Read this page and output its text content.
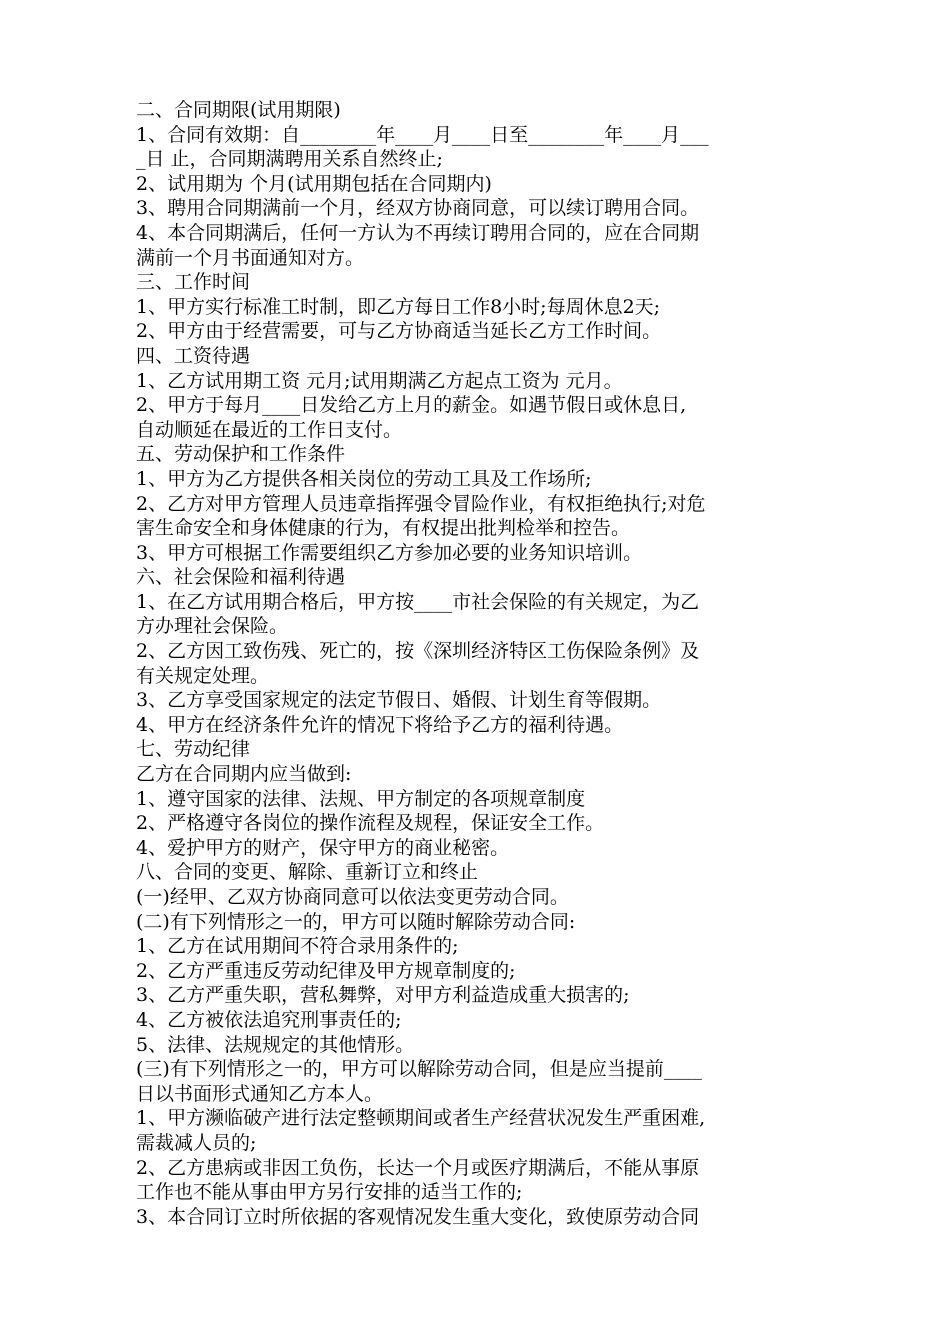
二、合同期限(试用期限)
1、合同有效期：自________年____月____日至________年____月___
_日 止，合同期满聘用关系自然终止;
2、试用期为 个月(试用期包括在合同期内)
3、聘用合同期满前一个月，经双方协商同意，可以续订聘用合同。
4、本合同期满后，任何一方认为不再续订聘用合同的，应在合同期
满前一个月书面通知对方。
三、工作时间
1、甲方实行标准工时制，即乙方每日工作8小时;每周休息2天;
2、甲方由于经营需要，可与乙方协商适当延长乙方工作时间。
四、工资待遇
1、乙方试用期工资 元月;试用期满乙方起点工资为 元月。
2、甲方于每月____日发给乙方上月的薪金。如遇节假日或休息日,
自动顺延在最近的工作日支付。
五、劳动保护和工作条件
1、甲方为乙方提供各相关岗位的劳动工具及工作场所;
2、乙方对甲方管理人员违章指挥强令冒险作业，有权拒绝执行;对危
害生命安全和身体健康的行为，有权提出批判检举和控告。
3、甲方可根据工作需要组织乙方参加必要的业务知识培训。
六、社会保险和福利待遇
1、在乙方试用期合格后，甲方按____市社会保险的有关规定，为乙
方办理社会保险。
2、乙方因工致伤残、死亡的，按《深圳经济特区工伤保险条例》及
有关规定处理。
3、乙方享受国家规定的法定节假日、婚假、计划生育等假期。
4、甲方在经济条件允许的情况下将给予乙方的福利待遇。
七、劳动纪律
乙方在合同期内应当做到:
1、遵守国家的法律、法规、甲方制定的各项规章制度
2、严格遵守各岗位的操作流程及规程，保证安全工作。
4、爱护甲方的财产，保守甲方的商业秘密。
八、合同的变更、解除、重新订立和终止
(一)经甲、乙双方协商同意可以依法变更劳动合同。
(二)有下列情形之一的，甲方可以随时解除劳动合同:
1、乙方在试用期间不符合录用条件的;
2、乙方严重违反劳动纪律及甲方规章制度的;
3、乙方严重失职，营私舞弊，对甲方利益造成重大损害的;
4、乙方被依法追究刑事责任的;
5、法律、法规规定的其他情形。
(三)有下列情形之一的，甲方可以解除劳动合同，但是应当提前____
日以书面形式通知乙方本人。
1、甲方濒临破产进行法定整顿期间或者生产经营状况发生严重困难,
需裁减人员的;
2、乙方患病或非因工负伤，长达一个月或医疗期满后，不能从事原
工作也不能从事由甲方另行安排的适当工作的;
3、本合同订立时所依据的客观情况发生重大变化，致使原劳动合同
